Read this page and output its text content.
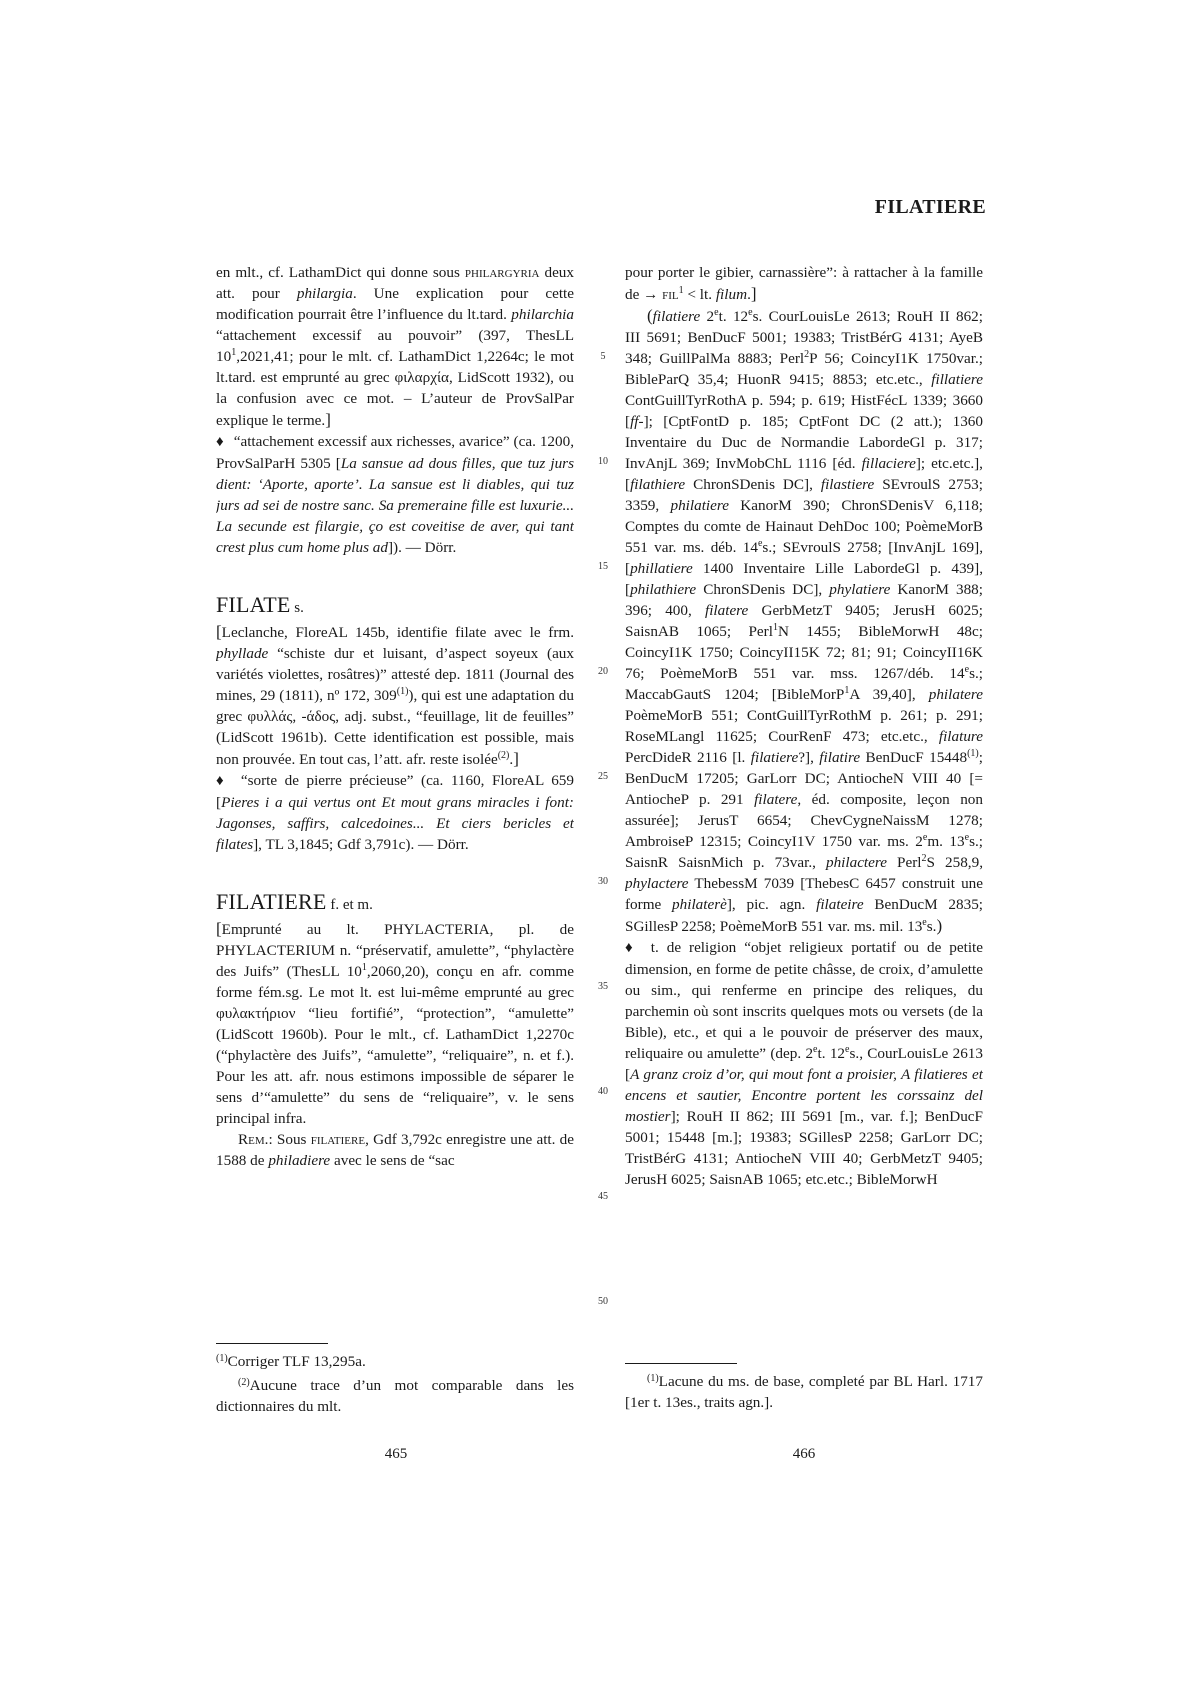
FILATIERE

en mlt., cf. LathamDict qui donne sous philargyria deux att. pour philargia. Une explication pour cette modification pourrait être l’influence du lt.tard. philarchia “attachement excessif au pouvoir” (397, ThesLL $10^1,2021,41$; pour le mlt. cf. LathamDict 1,2264c; le mot lt.tard. est emprunté au grec φιλαρχία, LidScott 1932), ou la confusion avec ce mot. – L’auteur de ProvSalPar explique le terme.]

♦ “attachement excessif aux richesses, avarice” (ca. 1200, ProvSalParH 5305 [La sansue ad dous filles, que tuz jurs dient: ‘Aporte, aporte’. La sansue est li diables, qui tuz jurs ad sei de nostre sanc. Sa premeraine fille est luxurie... La secunde est filargie, ço est coveitise de aver, qui tant crest plus cum home plus ad]). — Dörr.

FILATE s.

[Leclanche, FloreAL 145b, identifie filate avec le frm. phyllade “schiste dur et luisant, d’aspect soyeux (aux variétés violettes, rosâtres)” attesté dep. 1811 (Journal des mines, 29 (1811), nº 172, 309$^{(1)}$), qui est une adaptation du grec φυλλάς, -άδος, adj. subst., “feuillage, lit de feuilles” (LidScott 1961b). Cette identification est possible, mais non prouvée. En tout cas, l’att. afr. reste isolée$^{(2)}$.]

♦ “sorte de pierre précieuse” (ca. 1160, FloreAL 659 [Pieres i a qui vertus ont Et mout grans miracles i font: Jagonses, saffirs, calcedoines... Et ciers bericles et filates], TL 3,1845; Gdf 3,791c). — Dörr.

FILATIERE f. et m.

[Emprunté au lt. PHYLACTERIA, pl. de PHYLACTERIUM n. “préservatif, amulette”, “phylactère des Juifs” (ThesLL $10^1,2060,20$), conçu en afr. comme forme fém.sg. Le mot lt. est lui-même emprunté au grec φυλακτήριον “lieu fortifié”, “protection”, “amulette” (LidScott 1960b). Pour le mlt., cf. LathamDict 1,2270c (“phylactère des Juifs”, “amulette”, “reliquaire”, n. et f.). Pour les att. afr. nous estimons impossible de séparer le sens d’“amulette” du sens de “reliquaire”, v. le sens principal infra.

Rem.: Sous filatiere, Gdf 3,792c enregistre une att. de 1588 de philadiere avec le sens de “sac

pour porter le gibier, carnassière”: à rattacher à la famille de → fil$^1$ < lt. filum.]

(filatiere 2et. 12es. CourLouisLe 2613; RouH II 862; III 5691; BenDucF 5001; 19383; TristBérG 4131; AyeB 348; GuillPalMa 8883; Perl$^2$P 56; CoincyI1K 1750var.; BibleParQ 35,4; HuonR 9415; 8853; etc.etc., fillatiere ContGuillTyrRothA p. 594; p. 619; HistFécL 1339; 3660 [ff-]; [CptFontD p. 185; CptFont DC (2 att.); 1360 Inventaire du Duc de Normandie LabordeGl p. 317; InvAnjL 369; InvMobChL 1116 [éd. fillaciere]; etc.etc.], [filathiere ChronSDenis DC], filastiere SEvroulS 2753; 3359, philatiere KanorM 390; ChronSDenisV 6,118; Comptes du comte de Hainaut DehDoc 100; PoèmeMorB 551 var. ms. déb. 14es.; SEvroulS 2758; [InvAnjL 169], [phillatiere 1400 Inventaire Lille LabordeGl p. 439], [philathiere ChronSDenis DC], phylatiere KanorM 388; 396; 400, filatere GerbMetzT 9405; JerusH 6025; SaisnAB 1065; Perl$^1$N 1455; BibleMorwH 48c; CoincyI1K 1750; CoincyII15K 72; 81; 91; CoincyII16K 76; PoèmeMorB 551 var. mss. 1267/déb. 14es.; MaccabGautS 1204; [BibleMorP$^1$A 39,40], philatere PoèmeMorB 551; ContGuillTyrRothM p. 261; p. 291; RoseMLangl 11625; CourRenF 473; etc.etc., filature PercDideR 2116 [l. filatiere?], filatire BenDucF 15448$^{(1)}$; BenDucM 17205; GarLorr DC; AntiocheN VIII 40 [= AntiocheP p. 291 filatere, éd. composite, leçon non assurée]; JerusT 6654; ChevCygneNaissM 1278; AmbroiseP 12315; CoincyI1V 1750 var. ms. 2em. 13es.; SaisnR SaisnMich p. 73var., philactere Perl$^2$S 258,9, phylactere ThebessM 7039 [ThebesC 6457 construit une forme philaterè], pic. agn. filateire BenDucM 2835; SGillesP 2258; PoèmeMorB 551 var. ms. mil. 13es.)

♦ t. de religion “objet religieux portatif ou de petite dimension, en forme de petite châsse, de croix, d’amulette ou sim., qui renferme en principe des reliques, du parchemin où sont inscrits quelques mots ou versets (de la Bible), etc., et qui a le pouvoir de préserver des maux, reliquaire ou amulette” (dep. 2et. 12es., CourLouisLe 2613 [A granz croiz d’or, qui mout font a proisier, A filatieres et encens et sautier, Encontre portent les corssainz del mostier]; RouH II 862; III 5691 [m., var. f.]; BenDucF 5001; 15448 [m.]; 19383; SGillesP 2258; GarLorr DC; TristBérG 4131; AntiocheN VIII 40; GerbMetzT 9405; JerusH 6025; SaisnAB 1065; etc.etc.; BibleMorwH

$^{(1)}$Corriger TLF 13,295a.

$^{(2)}$Aucune trace d’un mot comparable dans les dictionnaires du mlt.

$^{(1)}$Lacune du ms. de base, completé par BL Harl. 1717 [1er t. 13es., traits agn.].

465	466
5
10
15
20
25
30
35
40
45
50
